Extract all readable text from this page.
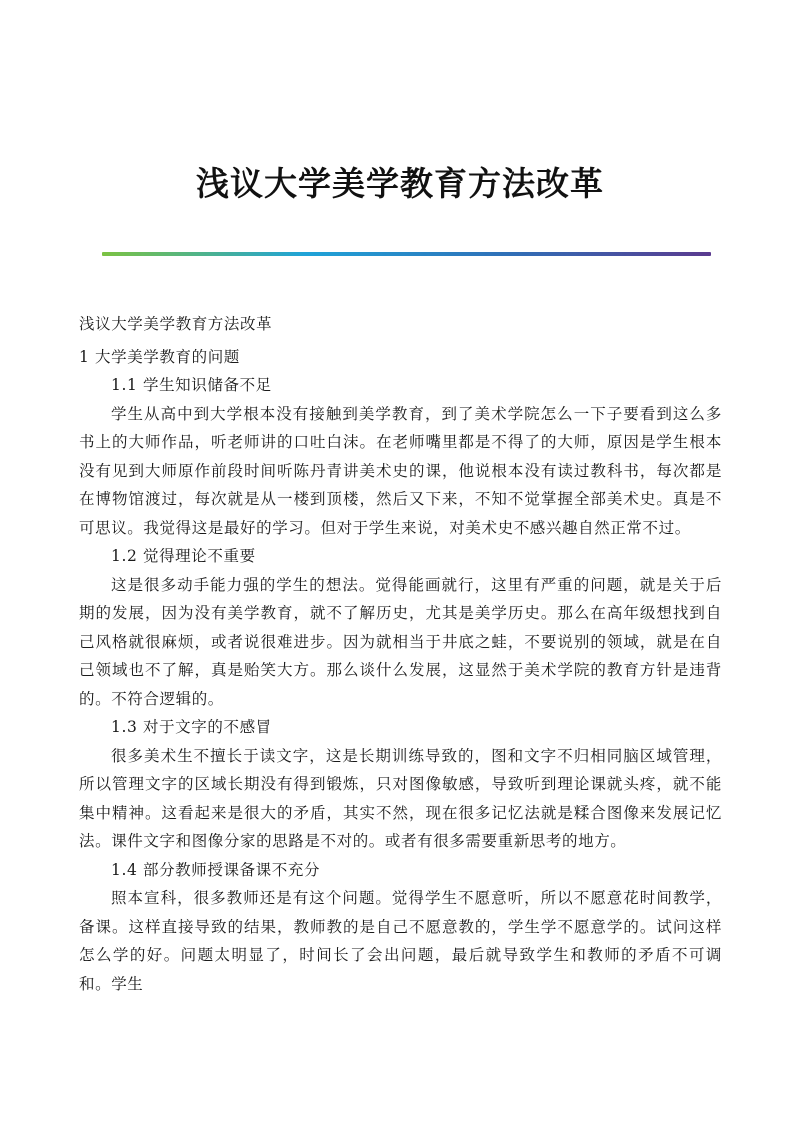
浅议大学美学教育方法改革

浅议大学美学教育方法改革

1 大学美学教育的问题

1.1 学生知识储备不足

学生从高中到大学根本没有接触到美学教育，到了美术学院怎么一下子要看到这么多书上的大师作品，听老师讲的口吐白沫。在老师嘴里都是不得了的大师，原因是学生根本没有见到大师原作前段时间听陈丹青讲美术史的课，他说根本没有读过教科书，每次都是在博物馆渡过，每次就是从一楼到顶楼，然后又下来，不知不觉掌握全部美术史。真是不可思议。我觉得这是最好的学习。但对于学生来说，对美术史不感兴趣自然正常不过。

1.2 觉得理论不重要

这是很多动手能力强的学生的想法。觉得能画就行，这里有严重的问题，就是关于后期的发展，因为没有美学教育，就不了解历史，尤其是美学历史。那么在高年级想找到自己风格就很麻烦，或者说很难进步。因为就相当于井底之蛙，不要说别的领域，就是在自己领域也不了解，真是贻笑大方。那么谈什么发展，这显然于美术学院的教育方针是违背的。不符合逻辑的。

1.3 对于文字的不感冒

很多美术生不擅长于读文字，这是长期训练导致的，图和文字不归相同脑区域管理，所以管理文字的区域长期没有得到锻炼，只对图像敏感，导致听到理论课就头疼，就不能集中精神。这看起来是很大的矛盾，其实不然，现在很多记忆法就是糅合图像来发展记忆法。课件文字和图像分家的思路是不对的。或者有很多需要重新思考的地方。

1.4 部分教师授课备课不充分

照本宣科，很多教师还是有这个问题。觉得学生不愿意听，所以不愿意花时间教学，备课。这样直接导致的结果，教师教的是自己不愿意教的，学生学不愿意学的。试问这样怎么学的好。问题太明显了，时间长了会出问题，最后就导致学生和教师的矛盾不可调和。学生
